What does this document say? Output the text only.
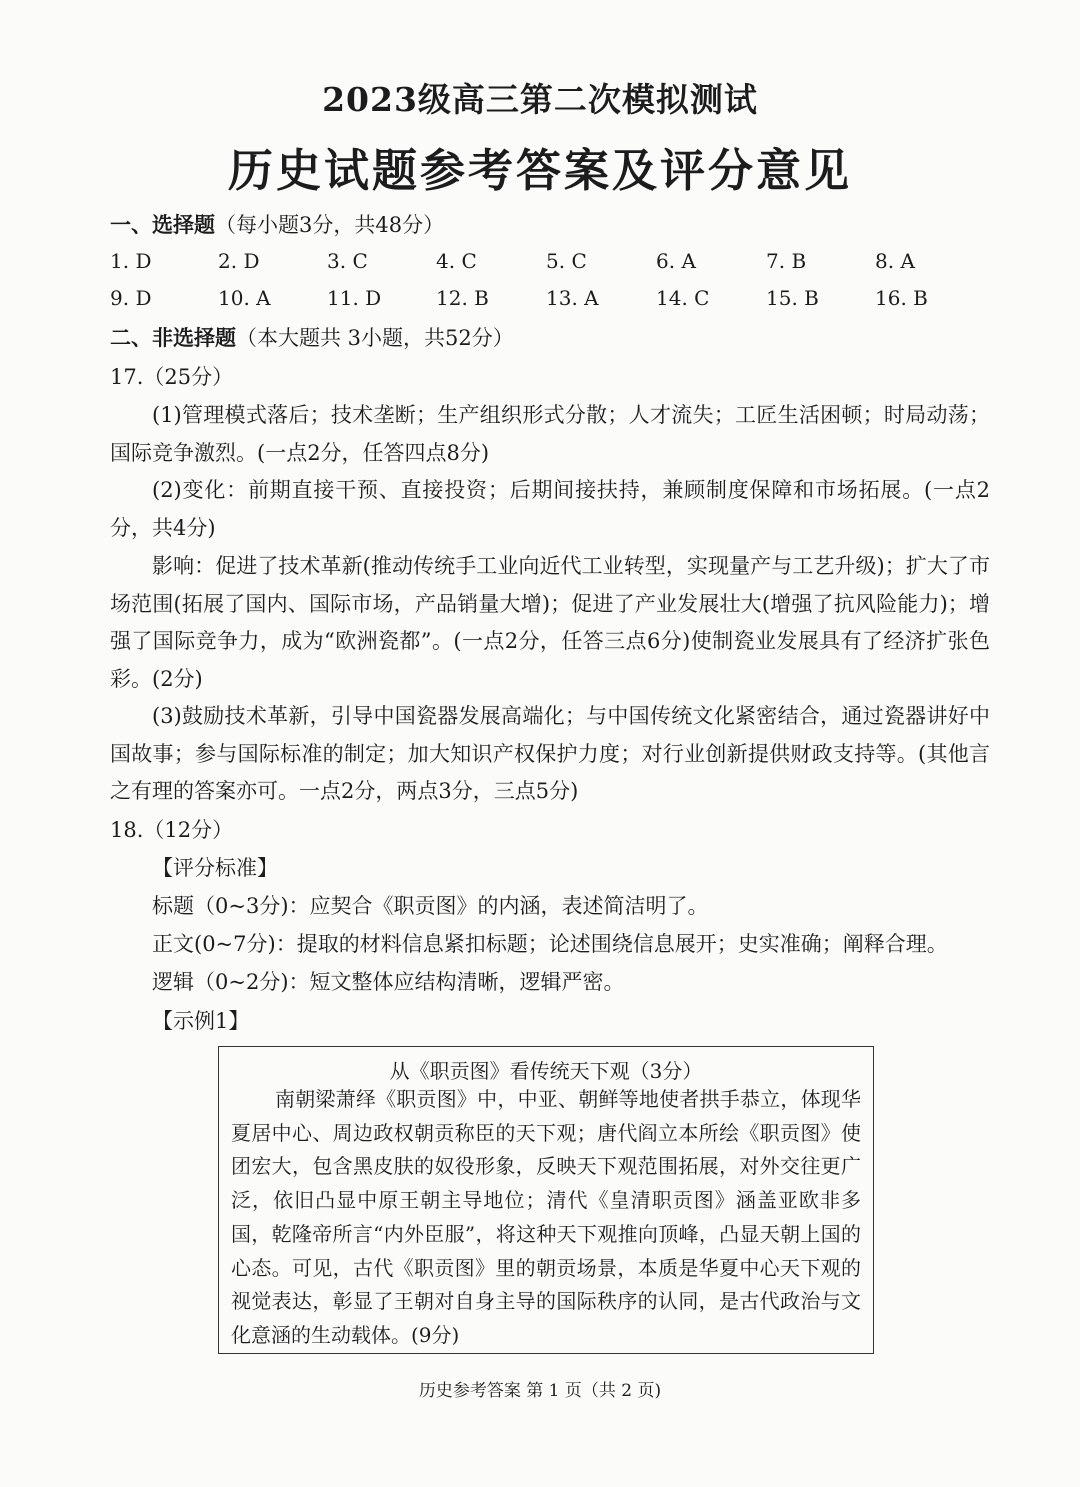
2023级高三第二次模拟测试
历史试题参考答案及评分意见
一、选择题（每小题3分，共48分）
1. D	2. D	3. C	4. C	5. C	6. A	7. B	8. A
9. D	10. A	11. D	12. B	13. A	14. C	15. B	16. B
二、非选择题（本大题共 3小题，共52分）
17.（25分）

(1)管理模式落后；技术垄断；生产组织形式分散；人才流失；工匠生活困顿；时局动荡；国际竞争激烈。(一点2分，任答四点8分)

(2)变化：前期直接干预、直接投资；后期间接扶持，兼顾制度保障和市场拓展。(一点2分，共4分)

影响：促进了技术革新(推动传统手工业向近代工业转型，实现量产与工艺升级)；扩大了市场范围(拓展了国内、国际市场，产品销量大增)；促进了产业发展壮大(增强了抗风险能力)；增强了国际竞争力，成为“欧洲瓷都”。(一点2分，任答三点6分)使制瓷业发展具有了经济扩张色彩。(2分)

(3)鼓励技术革新，引导中国瓷器发展高端化；与中国传统文化紧密结合，通过瓷器讲好中国故事；参与国际标准的制定；加大知识产权保护力度；对行业创新提供财政支持等。(其他言之有理的答案亦可。一点2分，两点3分，三点5分)

18.（12分）
【评分标准】
标题（0~3分)：应契合《职贡图》的内涵，表述简洁明了。
正文(0~7分)：提取的材料信息紧扣标题；论述围绕信息展开；史实准确；阐释合理。
逻辑（0~2分)：短文整体应结构清晰，逻辑严密。
【示例1】
从《职贡图》看传统天下观（3分）

南朝梁萧绎《职贡图》中，中亚、朝鲜等地使者拱手恭立，体现华夏居中心、周边政权朝贡称臣的天下观；唐代阎立本所绘《职贡图》使团宏大，包含黑皮肤的奴役形象，反映天下观范围拓展，对外交往更广泛，依旧凸显中原王朝主导地位；清代《皇清职贡图》涵盖亚欧非多国，乾隆帝所言“内外臣服”，将这种天下观推向顶峰，凸显天朝上国的心态。可见，古代《职贡图》里的朝贡场景，本质是华夏中心天下观的视觉表达，彰显了王朝对自身主导的国际秩序的认同，是古代政治与文化意涵的生动载体。(9分)

历史参考答案 第 1 页（共 2 页)
